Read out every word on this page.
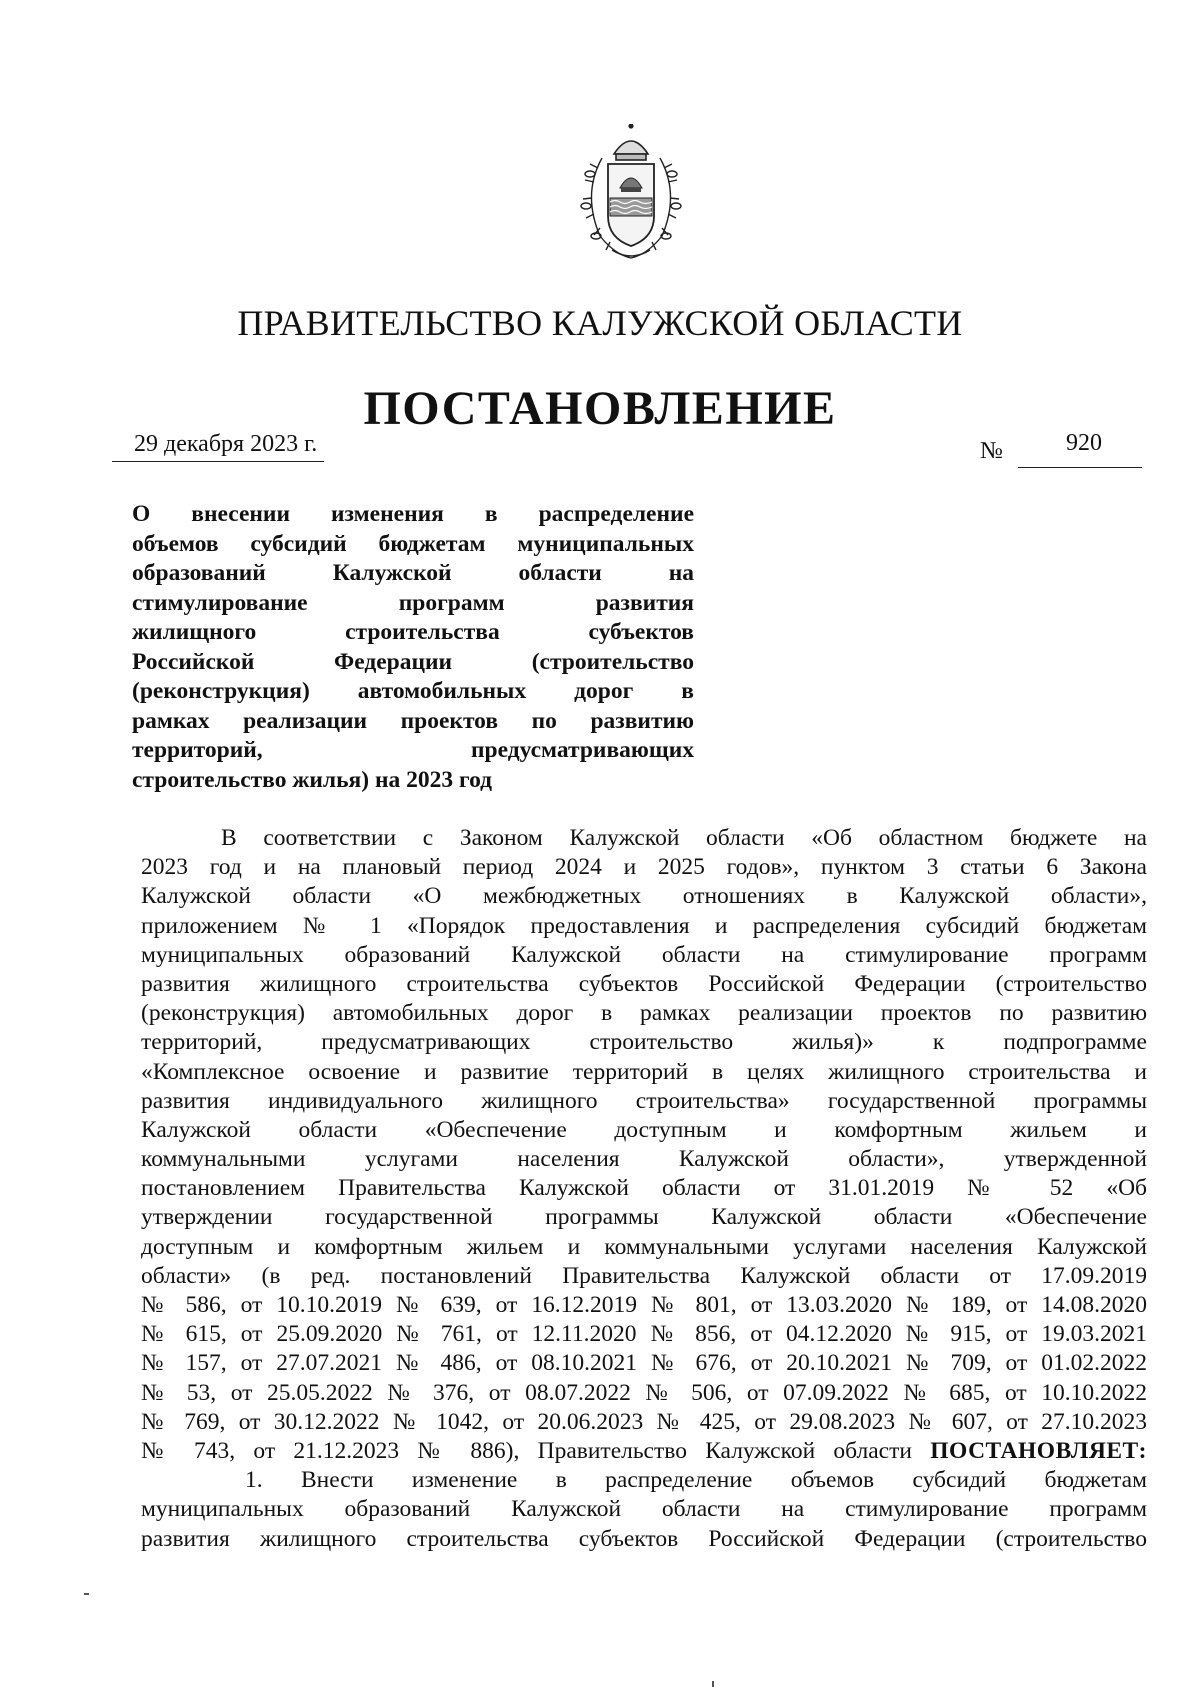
ПРАВИТЕЛЬСТВО КАЛУЖСКОЙ ОБЛАСТИ
ПОСТАНОВЛЕНИЕ
29 декабря 2023 г.	№	920
О внесении изменения в распределение
объемов субсидий бюджетам муниципальных
образований Калужской области на
стимулирование программ развития
жилищного строительства субъектов
Российской Федерации (строительство
(реконструкция) автомобильных дорог в
рамках реализации проектов по развитию
территорий, предусматривающих
строительство жилья) на 2023 год
В соответствии с Законом Калужской области «Об областном бюджете на
2023 год и на плановый период 2024 и 2025 годов», пунктом 3 статьи 6 Закона
Калужской области «О межбюджетных отношениях в Калужской области»,
приложением № 1 «Порядок предоставления и распределения субсидий бюджетам
муниципальных образований Калужской области на стимулирование программ
развития жилищного строительства субъектов Российской Федерации (строительство
(реконструкция) автомобильных дорог в рамках реализации проектов по развитию
территорий, предусматривающих строительство жилья)» к подпрограмме
«Комплексное освоение и развитие территорий в целях жилищного строительства и
развития индивидуального жилищного строительства» государственной программы
Калужской области «Обеспечение доступным и комфортным жильем и
коммунальными услугами населения Калужской области», утвержденной
постановлением Правительства Калужской области от 31.01.2019 № 52 «Об
утверждении государственной программы Калужской области «Обеспечение
доступным и комфортным жильем и коммунальными услугами населения Калужской
области» (в ред. постановлений Правительства Калужской области от 17.09.2019
№ 586, от 10.10.2019 № 639, от 16.12.2019 № 801, от 13.03.2020 № 189, от 14.08.2020
№ 615, от 25.09.2020 № 761, от 12.11.2020 № 856, от 04.12.2020 № 915, от 19.03.2021
№ 157, от 27.07.2021 № 486, от 08.10.2021 № 676, от 20.10.2021 № 709, от 01.02.2022
№ 53, от 25.05.2022 № 376, от 08.07.2022 № 506, от 07.09.2022 № 685, от 10.10.2022
№ 769, от 30.12.2022 № 1042, от 20.06.2023 № 425, от 29.08.2023 № 607, от 27.10.2023
№ 743, от 21.12.2023 № 886), Правительство Калужской области ПОСТАНОВЛЯЕТ:
1. Внести изменение в распределение объемов субсидий бюджетам
муниципальных образований Калужской области на стимулирование программ
развития жилищного строительства субъектов Российской Федерации (строительство
